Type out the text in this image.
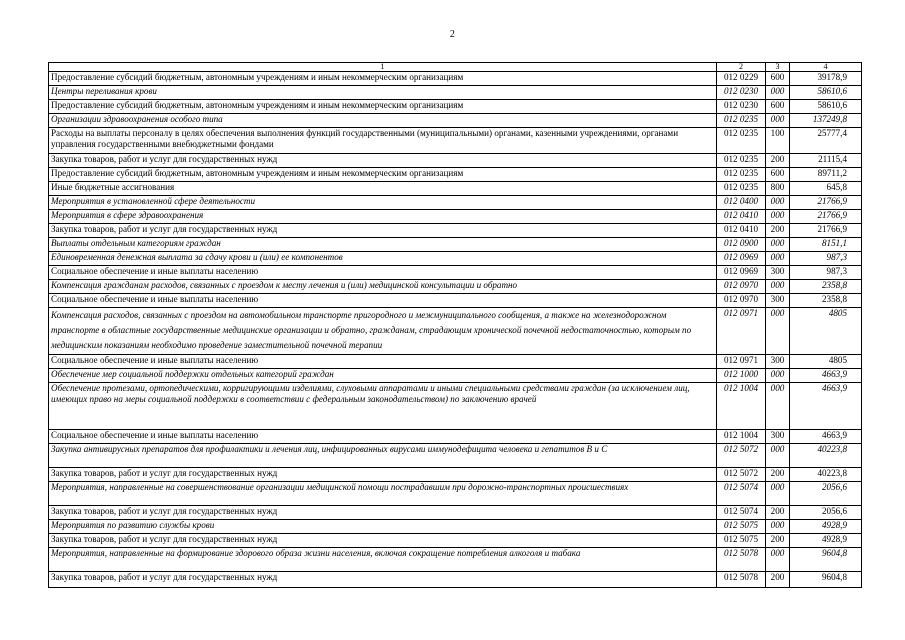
2
1	2	3	4
Предоставление субсидий бюджетным, автономным учреждениям и иным некоммерческим организациям	012 0229	600	39178,9
Центры переливания крови	012 0230	000	58610,6
Предоставление субсидий бюджетным, автономным учреждениям и иным некоммерческим организациям	012 0230	600	58610,6
Организации здравоохранения особого типа	012 0235	000	137249,8
Расходы на выплаты персоналу в целях обеспечения выполнения функций государственными (муниципальными) органами, казенными учреждениями, органами управления государственными внебюджетными фондами	012 0235	100	25777,4
Закупка товаров, работ и услуг для государственных нужд	012 0235	200	21115,4
Предоставление субсидий бюджетным, автономным учреждениям и иным некоммерческим организациям	012 0235	600	89711,2
Иные бюджетные ассигнования	012 0235	800	645,8
Мероприятия в установленной сфере деятельности	012 0400	000	21766,9
Мероприятия в сфере здравоохранения	012 0410	000	21766,9
Закупка товаров, работ и услуг для государственных нужд	012 0410	200	21766,9
Выплаты отдельным категориям граждан	012 0900	000	8151,1
Единовременная денежная выплата за сдачу крови и (или) ее компонентов	012 0969	000	987,3
Социальное обеспечение и иные выплаты населению	012 0969	300	987,3
Компенсация гражданам расходов, связанных с проездом к месту лечения и (или) медицинской консультации и обратно	012 0970	000	2358,8
Социальное обеспечение и иные выплаты населению	012 0970	300	2358,8
Компенсация расходов, связанных с проездом на автомобильном транспорте пригородного и межмуниципального сообщения, а также на железнодорожном транспорте в областные государственные медицинские организации и обратно, гражданам, страдающим хронической почечной недостаточностью, которым по медицинским показаниям необходимо проведение заместительной почечной терапии	012 0971	000	4805
Социальное обеспечение и иные выплаты населению	012 0971	300	4805
Обеспечение мер социальной поддержки отдельных категорий граждан	012 1000	000	4663,9
Обеспечение протезами, ортопедическими, корригирующими изделиями, слуховыми аппаратами и иными специальными средствами граждан (за исключением лиц, имеющих право на меры социальной поддержки в соответствии с федеральным законодательством) по заключению врачей	012 1004	000	4663,9
Социальное обеспечение и иные выплаты населению	012 1004	300	4663,9
Закупка антивирусных препаратов для профилактики и лечения лиц, инфицированных вирусами иммунодефицита человека и гепатитов В и С	012 5072	000	40223,8
Закупка товаров, работ и услуг для государственных нужд	012 5072	200	40223,8
Мероприятия, направленные на совершенствование организации медицинской помощи пострадавшим при дорожно-транспортных происшествиях	012 5074	000	2056,6
Закупка товаров, работ и услуг для государственных нужд	012 5074	200	2056,6
Мероприятия по развитию службы крови	012 5075	000	4928,9
Закупка товаров, работ и услуг для государственных нужд	012 5075	200	4928,9
Мероприятия, направленные на формирование здорового образа жизни населения, включая сокращение потребления алкоголя и табака	012 5078	000	9604,8
Закупка товаров, работ и услуг для государственных нужд	012 5078	200	9604,8
